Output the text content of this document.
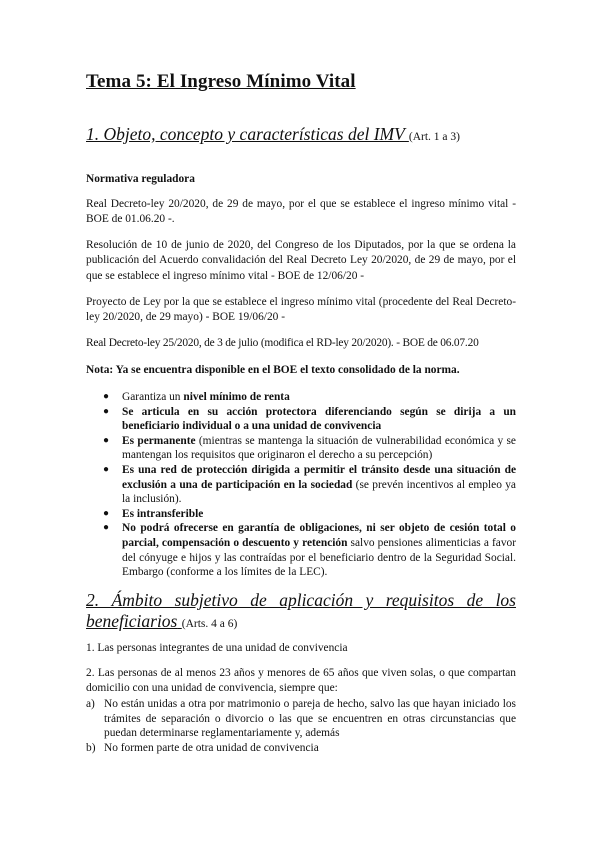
Tema 5: El Ingreso Mínimo Vital
1. Objeto, concepto y características del IMV (Art. 1 a 3)

Normativa reguladora

Real Decreto-ley 20/2020, de 29 de mayo, por el que se establece el ingreso mínimo vital - BOE de 01.06.20 -.

Resolución de 10 de junio de 2020, del Congreso de los Diputados, por la que se ordena la publicación del Acuerdo convalidación del Real Decreto Ley 20/2020, de 29 de mayo, por el que se establece el ingreso mínimo vital - BOE de 12/06/20 -

Proyecto de Ley por la que se establece el ingreso mínimo vital (procedente del Real Decreto-ley 20/2020, de 29 mayo) - BOE 19/06/20 -

Real Decreto-ley 25/2020, de 3 de julio (modifica el RD-ley 20/2020). - BOE de 06.07.20

Nota: Ya se encuentra disponible en el BOE el texto consolidado de la norma.

● Garantiza un nivel mínimo de renta
● Se articula en su acción protectora diferenciando según se dirija a un beneficiario individual o a una unidad de convivencia
● Es permanente (mientras se mantenga la situación de vulnerabilidad económica y se mantengan los requisitos que originaron el derecho a su percepción)
● Es una red de protección dirigida a permitir el tránsito desde una situación de exclusión a una de participación en la sociedad (se prevén incentivos al empleo ya la inclusión).
● Es intransferible
● No podrá ofrecerse en garantía de obligaciones, ni ser objeto de cesión total o parcial, compensación o descuento y retención salvo pensiones alimenticias a favor del cónyuge e hijos y las contraídas por el beneficiario dentro de la Seguridad Social. Embargo (conforme a los límites de la LEC).
2. Ámbito subjetivo de aplicación y requisitos de los beneficiarios (Arts. 4 a 6)

1. Las personas integrantes de una unidad de convivencia

2. Las personas de al menos 23 años y menores de 65 años que viven solas, o que compartan domicilio con una unidad de convivencia, siempre que:

a) No están unidas a otra por matrimonio o pareja de hecho, salvo las que hayan iniciado los trámites de separación o divorcio o las que se encuentren en otras circunstancias que puedan determinarse reglamentariamente y, además
b) No formen parte de otra unidad de convivencia
